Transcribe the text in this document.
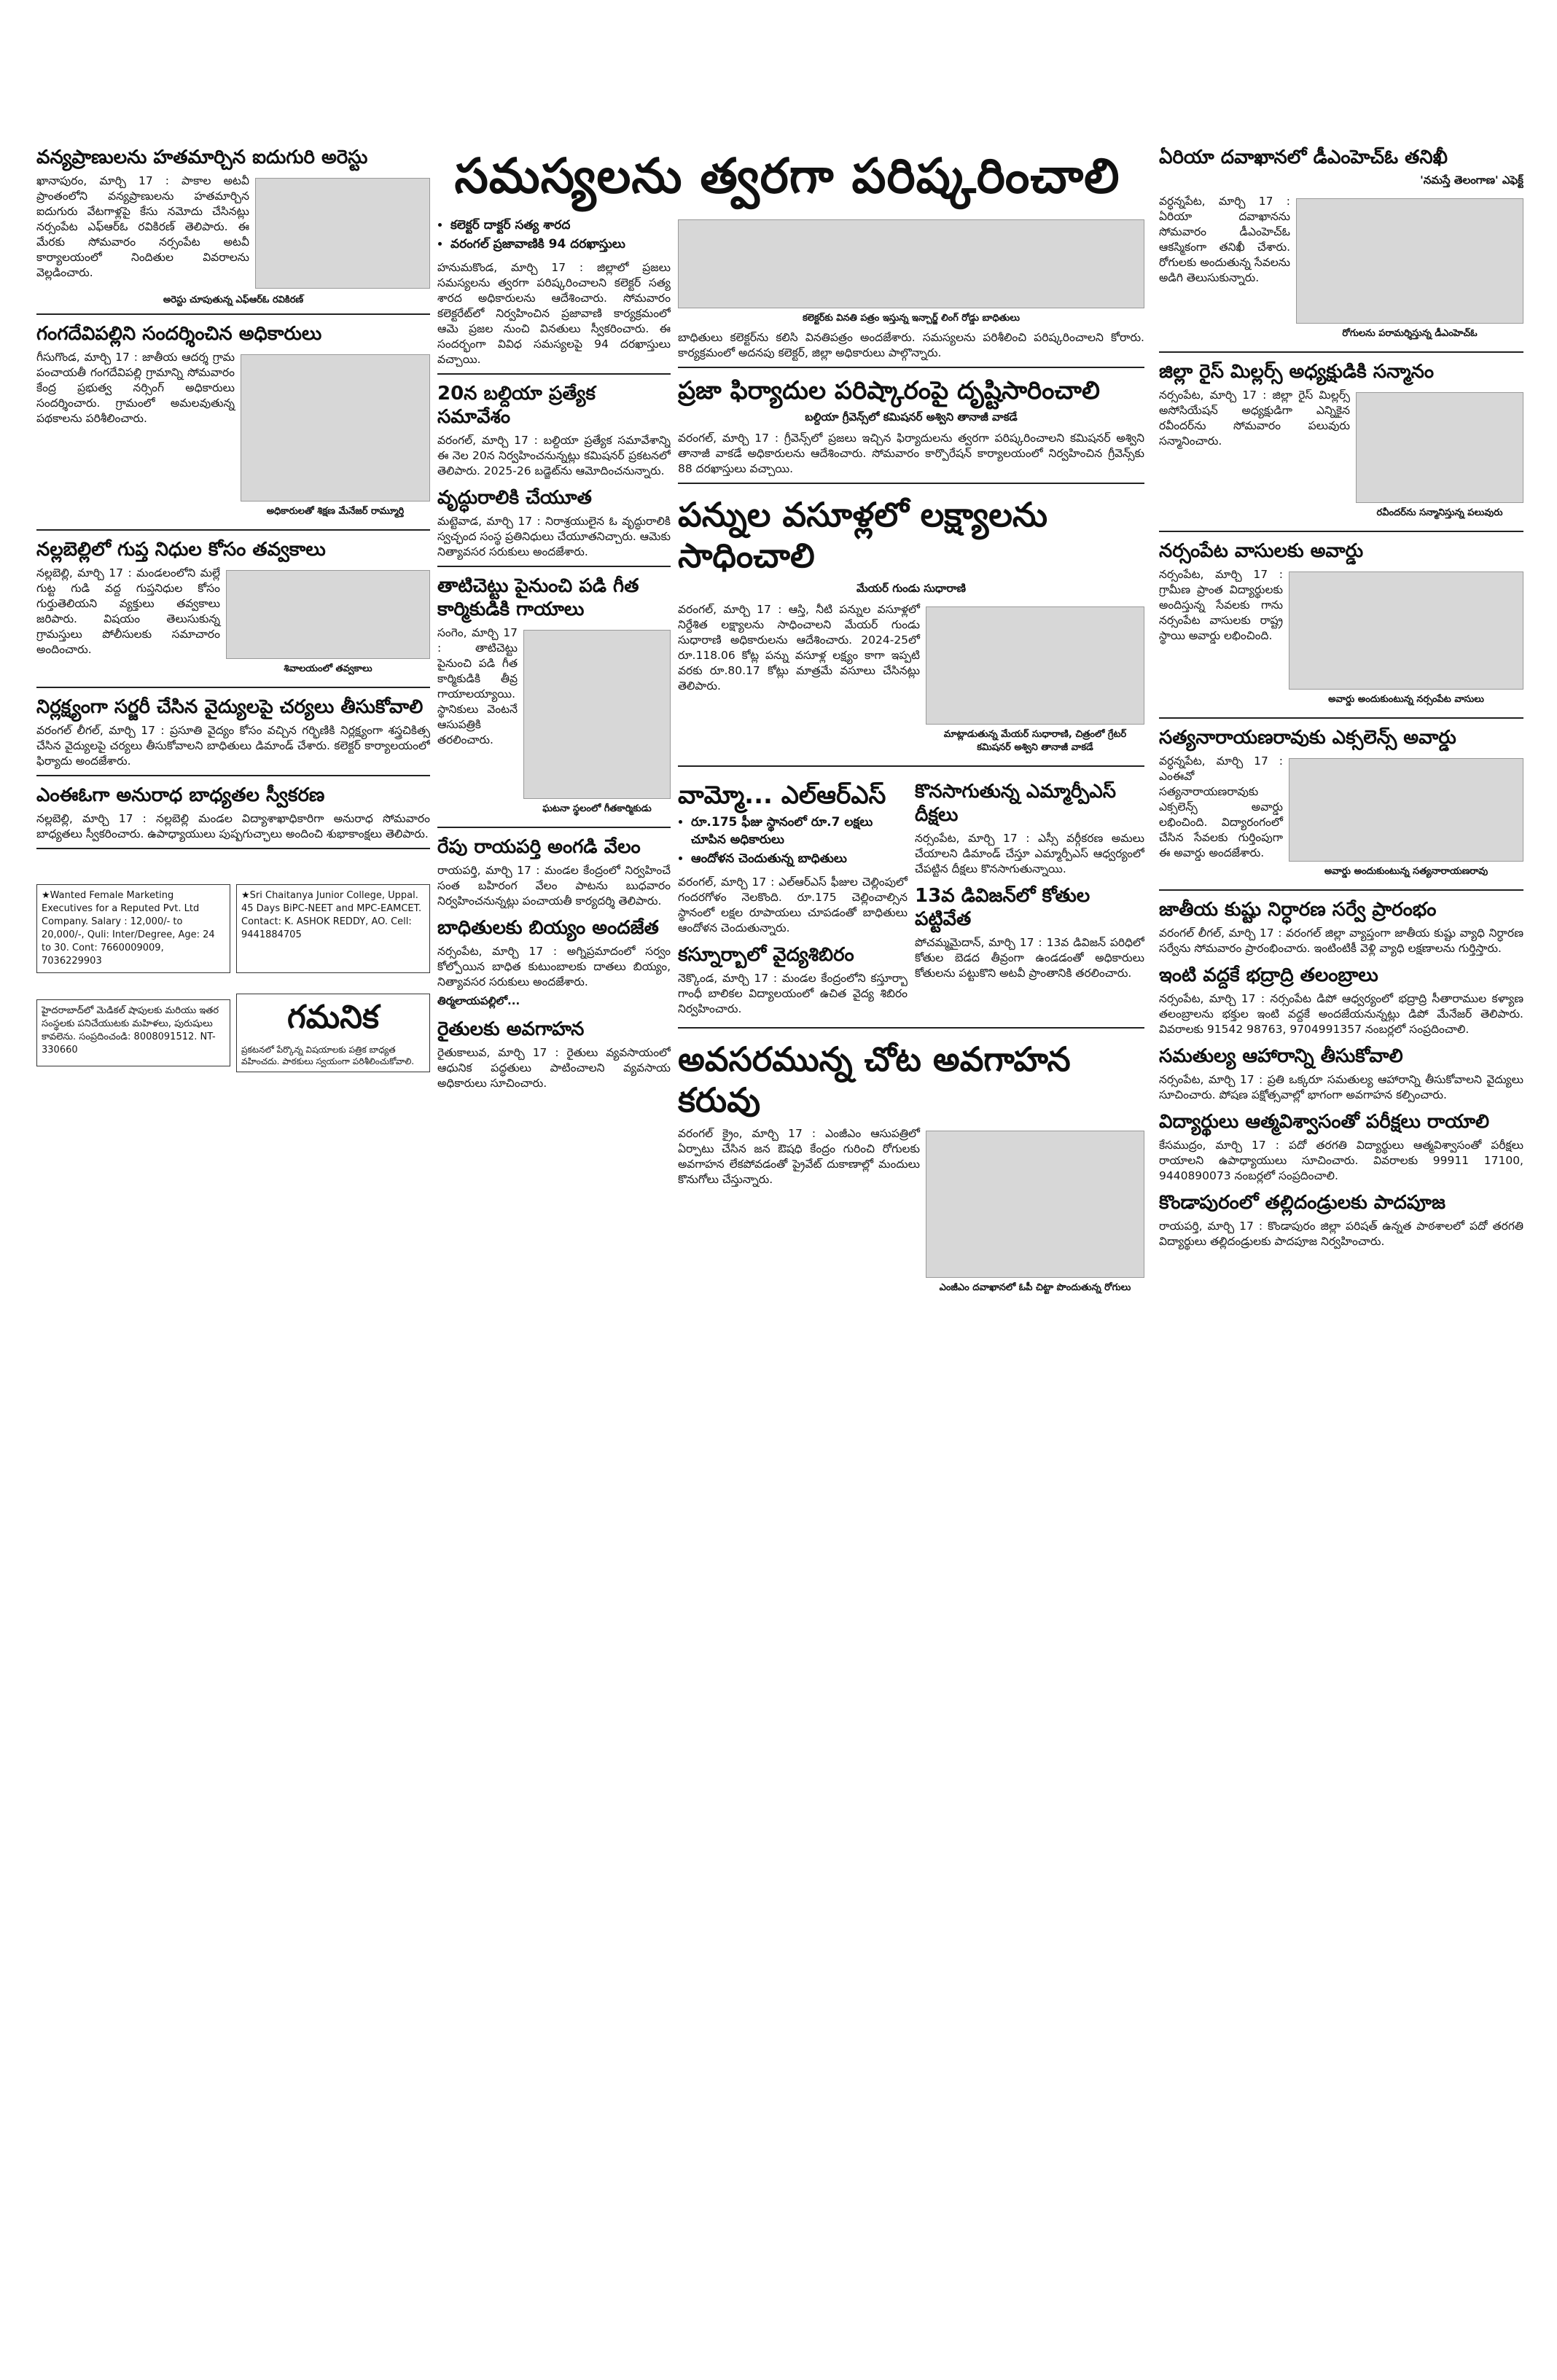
సమస్యలను త్వరగా పరిష్కరించాలి
వన్యప్రాణులను హతమార్చిన ఐదుగురి అరెస్టు

ఖానాపురం, మార్చి 17 : పాకాల అటవీ ప్రాంతంలోని వన్యప్రాణులను హతమార్చిన ఐదుగురు వేటగాళ్లపై కేసు నమోదు చేసినట్లు నర్సంపేట ఎఫ్ఆర్ఓ రవికిరణ్ తెలిపారు. ఈ మేరకు సోమవారం నర్సంపేట అటవీ కార్యాలయంలో నిందితుల వివరాలను వెల్లడించారు.

అరెస్టు చూపుతున్న ఎఫ్ఆర్ఓ రవికిరణ్
గంగదేవిపల్లిని సందర్శించిన అధికారులు

గీసుగొండ, మార్చి 17 : జాతీయ ఆదర్శ గ్రామ పంచాయతీ గంగదేవిపల్లి గ్రామాన్ని సోమవారం కేంద్ర ప్రభుత్వ నర్సింగ్ అధికారులు సందర్శించారు. గ్రామంలో అమలవుతున్న పథకాలను పరిశీలించారు.

అధికారులతో శిక్షణ మేనేజర్ రామ్మూర్తి
నల్లబెల్లిలో గుప్త నిధుల కోసం తవ్వకాలు

నల్లబెల్లి, మార్చి 17 : మండలంలోని మల్లే గుట్ట గుడి వద్ద గుప్తనిధుల కోసం గుర్తుతెలియని వ్యక్తులు తవ్వకాలు జరిపారు. విషయం తెలుసుకున్న గ్రామస్తులు పోలీసులకు సమాచారం అందించారు.

శివాలయంలో తవ్వకాలు
నిర్లక్ష్యంగా సర్జరీ చేసిన వైద్యులపై చర్యలు తీసుకోవాలి

వరంగల్ లీగల్, మార్చి 17 : ప్రసూతి వైద్యం కోసం వచ్చిన గర్భిణికి నిర్లక్ష్యంగా శస్త్రచికిత్స చేసిన వైద్యులపై చర్యలు తీసుకోవాలని బాధితులు డిమాండ్ చేశారు. కలెక్టర్ కార్యాలయంలో ఫిర్యాదు అందజేశారు.

ఎంఈఓగా అనురాధ బాధ్యతల స్వీకరణ

నల్లబెల్లి, మార్చి 17 : నల్లబెల్లి మండల విద్యాశాఖాధికారిగా అనురాధ సోమవారం బాధ్యతలు స్వీకరించారు. ఉపాధ్యాయులు పుష్పగుచ్ఛాలు అందించి శుభాకాంక్షలు తెలిపారు.

★Wanted Female Marketing Executives for a Reputed Pvt. Ltd Company. Salary : 12,000/- to 20,000/-, Quli: Inter/Degree, Age: 24 to 30. Cont: 7660009009, 7036229903
★Sri Chaitanya Junior College, Uppal. 45 Days BiPC-NEET and MPC-EAMCET. Contact: K. ASHOK REDDY, AO. Cell: 9441884705
హైదరాబాద్‌లో మెడికల్ షాపులకు మరియు ఇతర సంస్థలకు పనిచేయుటకు మహిళలు, పురుషులు కావలెను. సంప్రదించండి: 8008091512. NT-330660
గమనిక
ప్రకటనలో పేర్కొన్న విషయాలకు పత్రిక బాధ్యత వహించదు. పాఠకులు స్వయంగా పరిశీలించుకోవాలి.
• కలెక్టర్ దాక్టర్ సత్య శారద
• వరంగల్ ప్రజావాణికి 94 దరఖాస్తులు

హనుమకొండ, మార్చి 17 : జిల్లాలో ప్రజలు సమస్యలను త్వరగా పరిష్కరించాలని కలెక్టర్ సత్య శారద అధికారులను ఆదేశించారు. సోమవారం కలెక్టరేట్‌లో నిర్వహించిన ప్రజావాణి కార్యక్రమంలో ఆమె ప్రజల నుంచి వినతులు స్వీకరించారు. ఈ సందర్భంగా వివిధ సమస్యలపై 94 దరఖాస్తులు వచ్చాయి.

20న బల్దియా ప్రత్యేక సమావేశం

వరంగల్, మార్చి 17 : బల్దియా ప్రత్యేక సమావేశాన్ని ఈ నెల 20న నిర్వహించనున్నట్లు కమిషనర్ ప్రకటనలో తెలిపారు. 2025-26 బడ్జెట్‌ను ఆమోదించనున్నారు.

వృద్ధురాలికి చేయూత

మట్టెవాడ, మార్చి 17 : నిరాశ్రయులైన ఓ వృద్ధురాలికి స్వచ్ఛంద సంస్థ ప్రతినిధులు చేయూతనిచ్చారు. ఆమెకు నిత్యావసర సరుకులు అందజేశారు.

తాటిచెట్టు పైనుంచి పడి గీత కార్మికుడికి గాయాలు

సంగెం, మార్చి 17 : తాటిచెట్టు పైనుంచి పడి గీత కార్మికుడికి తీవ్ర గాయాలయ్యాయి. స్థానికులు వెంటనే ఆసుపత్రికి తరలించారు.

ఘటనా స్థలంలో గీతకార్మికుడు
రేపు రాయపర్తి అంగడి వేలం

రాయపర్తి, మార్చి 17 : మండల కేంద్రంలో నిర్వహించే సంత బహిరంగ వేలం పాటను బుధవారం నిర్వహించనున్నట్లు పంచాయతీ కార్యదర్శి తెలిపారు.

బాధితులకు బియ్యం అందజేత

నర్సంపేట, మార్చి 17 : అగ్నిప్రమాదంలో సర్వం కోల్పోయిన బాధిత కుటుంబాలకు దాతలు బియ్యం, నిత్యావసర సరుకులు అందజేశారు.

తిర్మలాయపల్లిలో...
రైతులకు అవగాహన

రైతుకాలువ, మార్చి 17 : రైతులు వ్యవసాయంలో ఆధునిక పద్ధతులు పాటించాలని వ్యవసాయ అధికారులు సూచించారు.

కలెక్టర్‌కు వినతి పత్రం ఇస్తున్న ఇన్చార్జ్ లింగ్ రోడ్డు బాధితులు

బాధితులు కలెక్టర్‌ను కలిసి వినతిపత్రం అందజేశారు. సమస్యలను పరిశీలించి పరిష్కరించాలని కోరారు. కార్యక్రమంలో అదనపు కలెక్టర్, జిల్లా అధికారులు పాల్గొన్నారు.

ప్రజా ఫిర్యాదుల పరిష్కారంపై దృష్టిసారించాలి
బల్దియా గ్రీవెన్స్‌లో కమిషనర్ అశ్విని తానాజీ వాకడే

వరంగల్, మార్చి 17 : గ్రీవెన్స్‌లో ప్రజలు ఇచ్చిన ఫిర్యాదులను త్వరగా పరిష్కరించాలని కమిషనర్ అశ్విని తానాజీ వాకడే అధికారులను ఆదేశించారు. సోమవారం కార్పొరేషన్ కార్యాలయంలో నిర్వహించిన గ్రీవెన్స్‌కు 88 దరఖాస్తులు వచ్చాయి.

పన్నుల వసూళ్లలో లక్ష్యాలను సాధించాలి
మేయర్ గుండు సుధారాణి

వరంగల్, మార్చి 17 : ఆస్తి, నీటి పన్నుల వసూళ్లలో నిర్దేశిత లక్ష్యాలను సాధించాలని మేయర్ గుండు సుధారాణి అధికారులను ఆదేశించారు. 2024-25లో రూ.118.06 కోట్ల పన్ను వసూళ్ల లక్ష్యం కాగా ఇప్పటి వరకు రూ.80.17 కోట్లు మాత్రమే వసూలు చేసినట్లు తెలిపారు.

మాట్లాడుతున్న మేయర్ సుధారాణి, చిత్రంలో గ్రేటర్ కమిషనర్ అశ్విని తానాజీ వాకడే
వామ్మో... ఎల్ఆర్ఎస్
• రూ.175 ఫీజు స్థానంలో రూ.7 లక్షలు చూపిన అధికారులు
• ఆందోళన చెందుతున్న బాధితులు

వరంగల్, మార్చి 17 : ఎల్ఆర్ఎస్ ఫీజుల చెల్లింపులో గందరగోళం నెలకొంది. రూ.175 చెల్లించాల్సిన స్థానంలో లక్షల రూపాయలు చూపడంతో బాధితులు ఆందోళన చెందుతున్నారు.

కస్నూర్బాలో వైద్యశిబిరం

నెక్కొండ, మార్చి 17 : మండల కేంద్రంలోని కస్తూర్బా గాంధీ బాలికల విద్యాలయంలో ఉచిత వైద్య శిబిరం నిర్వహించారు.

కొనసాగుతున్న ఎమ్మార్పీఎస్ దీక్షలు

నర్సంపేట, మార్చి 17 : ఎస్సీ వర్గీకరణ అమలు చేయాలని డిమాండ్ చేస్తూ ఎమ్మార్పీఎస్ ఆధ్వర్యంలో చేపట్టిన దీక్షలు కొనసాగుతున్నాయి.

13వ డివిజన్‌లో కోతుల పట్టివేత

పోచమ్మమైదాన్, మార్చి 17 : 13వ డివిజన్ పరిధిలో కోతుల బెడద తీవ్రంగా ఉండడంతో అధికారులు కోతులను పట్టుకొని అటవీ ప్రాంతానికి తరలించారు.

అవసరమున్న చోట అవగాహన కరువు

వరంగల్ క్రైం, మార్చి 17 : ఎంజీఎం ఆసుపత్రిలో ఏర్పాటు చేసిన జన ఔషధి కేంద్రం గురించి రోగులకు అవగాహన లేకపోవడంతో ప్రైవేట్ దుకాణాల్లో మందులు కొనుగోలు చేస్తున్నారు.

ఎంజీఎం దవాఖానలో ఓపీ చిట్టా పొందుతున్న రోగులు
ఏరియా దవాఖానలో డీఎంహెచ్ఓ తనిఖీ
'నమస్తే తెలంగాణ' ఎఫెక్ట్

వర్ధన్నపేట, మార్చి 17 : ఏరియా దవాఖానను సోమవారం డీఎంహెచ్ఓ ఆకస్మికంగా తనిఖీ చేశారు. రోగులకు అందుతున్న సేవలను అడిగి తెలుసుకున్నారు.

రోగులను పరామర్శిస్తున్న డీఎంహెచ్ఓ
జిల్లా రైస్ మిల్లర్స్ అధ్యక్షుడికి సన్మానం

నర్సంపేట, మార్చి 17 : జిల్లా రైస్ మిల్లర్స్ అసోసియేషన్ అధ్యక్షుడిగా ఎన్నికైన రవీందర్‌ను సోమవారం పలువురు సన్మానించారు.

రవీందర్‌ను సన్మానిస్తున్న పలువురు
నర్సంపేట వాసులకు అవార్డు

నర్సంపేట, మార్చి 17 : గ్రామీణ ప్రాంత విద్యార్థులకు అందిస్తున్న సేవలకు గాను నర్సంపేట వాసులకు రాష్ట్ర స్థాయి అవార్డు లభించింది.

అవార్డు అందుకుంటున్న నర్సంపేట వాసులు
సత్యనారాయణరావుకు ఎక్సలెన్స్ అవార్డు

వర్ధన్నపేట, మార్చి 17 : ఎంఈవో సత్యనారాయణరావుకు ఎక్సలెన్స్ అవార్డు లభించింది. విద్యారంగంలో చేసిన సేవలకు గుర్తింపుగా ఈ అవార్డు అందజేశారు.

అవార్డు అందుకుంటున్న సత్యనారాయణరావు
జాతీయ కుష్టు నిర్ధారణ సర్వే ప్రారంభం

వరంగల్ లీగల్, మార్చి 17 : వరంగల్ జిల్లా వ్యాప్తంగా జాతీయ కుష్టు వ్యాధి నిర్ధారణ సర్వేను సోమవారం ప్రారంభించారు. ఇంటింటికీ వెళ్లి వ్యాధి లక్షణాలను గుర్తిస్తారు.

ఇంటి వద్దకే భద్రాద్రి తలంబ్రాలు

నర్సంపేట, మార్చి 17 : నర్సంపేట డిపో ఆధ్వర్యంలో భద్రాద్రి సీతారాముల కళ్యాణ తలంబ్రాలను భక్తుల ఇంటి వద్దకే అందజేయనున్నట్లు డిపో మేనేజర్ తెలిపారు. వివరాలకు 91542 98763, 9704991357 నంబర్లలో సంప్రదించాలి.

సమతుల్య ఆహారాన్ని తీసుకోవాలి

నర్సంపేట, మార్చి 17 : ప్రతి ఒక్కరూ సమతుల్య ఆహారాన్ని తీసుకోవాలని వైద్యులు సూచించారు. పోషణ పక్షోత్సవాల్లో భాగంగా అవగాహన కల్పించారు.

విద్యార్థులు ఆత్మవిశ్వాసంతో పరీక్షలు రాయాలి

కేసముద్రం, మార్చి 17 : పదో తరగతి విద్యార్థులు ఆత్మవిశ్వాసంతో పరీక్షలు రాయాలని ఉపాధ్యాయులు సూచించారు. వివరాలకు 99911 17100, 9440890073 నంబర్లలో సంప్రదించాలి.

కొండాపురంలో తల్లిదండ్రులకు పాదపూజ

రాయపర్తి, మార్చి 17 : కొండాపురం జిల్లా పరిషత్ ఉన్నత పాఠశాలలో పదో తరగతి విద్యార్థులు తల్లిదండ్రులకు పాదపూజ నిర్వహించారు.
